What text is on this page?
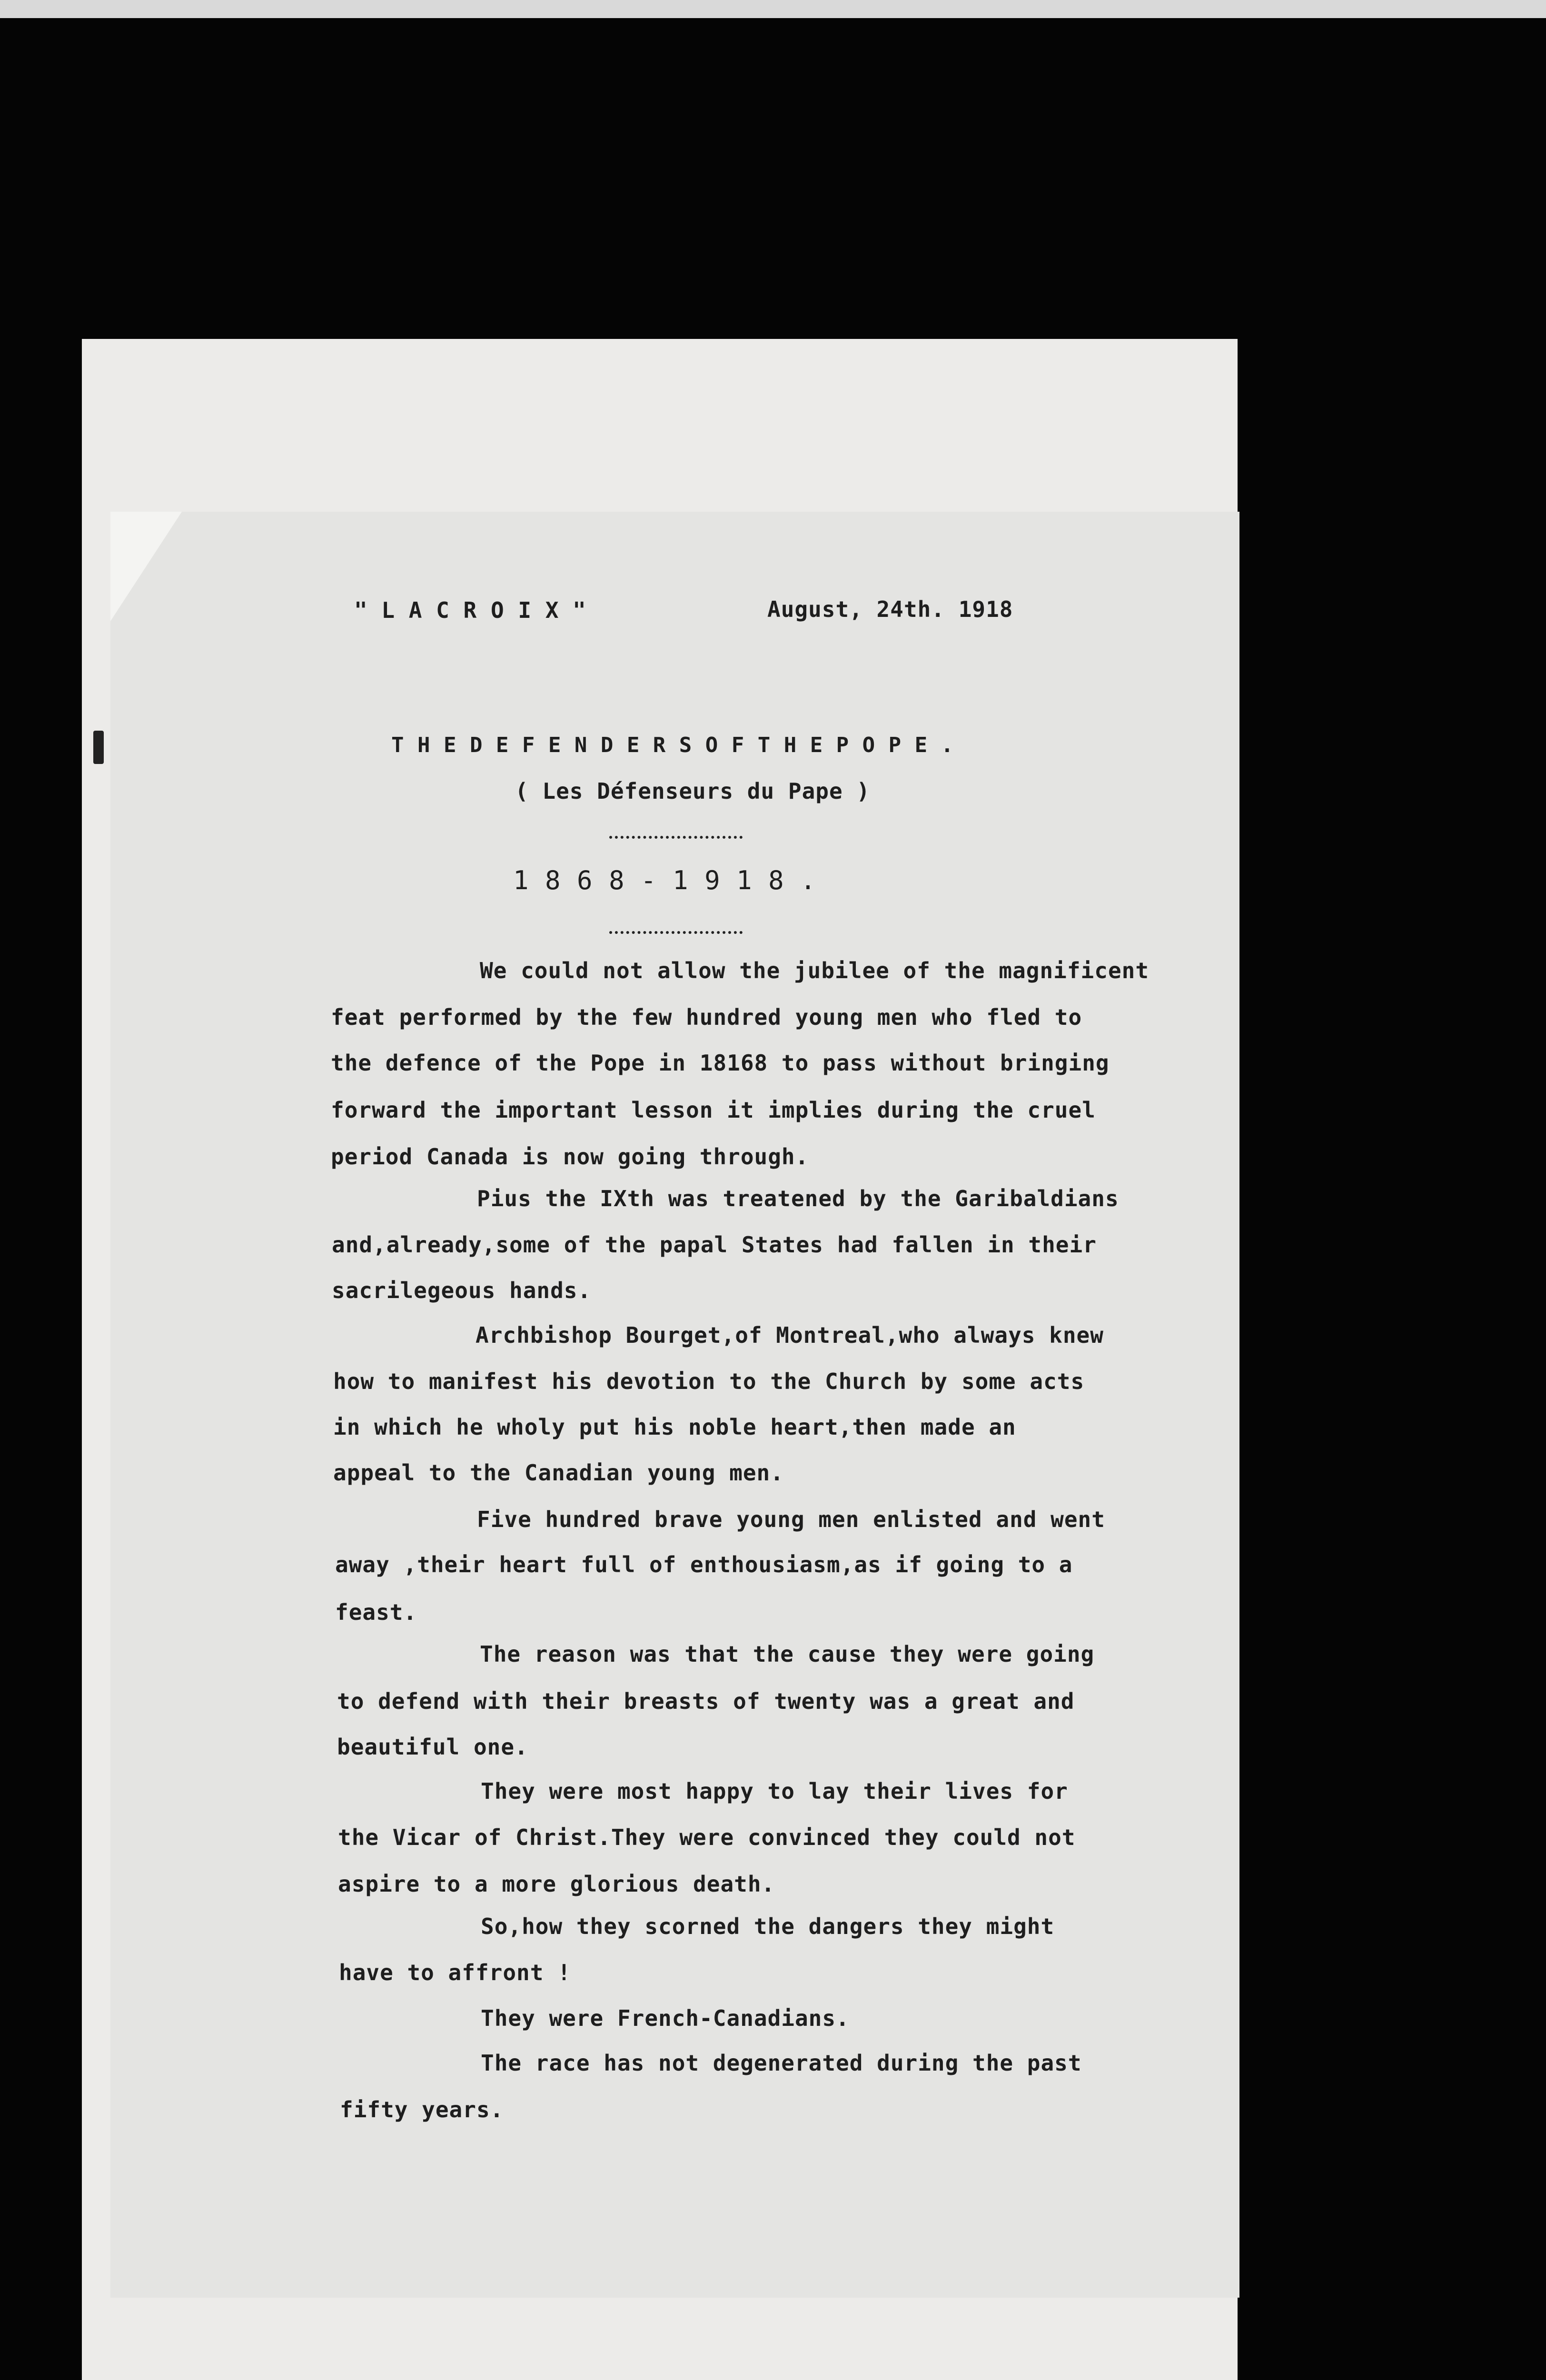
" L A C R O I X "	August, 24th. 1918
T H E D E F E N D E R S O F T H E P O P E .
( Les Défenseurs du Pape )
1 8 6 8 - 1 9 1 8 .
We could not allow the jubilee of the magnificent
feat performed by the few hundred young men who fled to
the defence of the Pope in 18168 to pass without bringing
forward the important lesson it implies during the cruel
period Canada is now going through.
Pius the IXth was treatened by the Garibaldians
and,already,some of the papal States had fallen in their
sacrilegeous hands.
Archbishop Bourget,of Montreal,who always knew
how to manifest his devotion to the Church by some acts
in which he wholy put his noble heart,then made an
appeal to the Canadian young men.
Five hundred brave young men enlisted and went
away ,their heart full of enthousiasm,as if going to a
feast.
The reason was that the cause they were going
to defend with their breasts of twenty was a great and
beautiful one.
They were most happy to lay their lives for
the Vicar of Christ.They were convinced they could not
aspire to a more glorious death.
So,how they scorned the dangers they might
have to affront !
They were French-Canadians.
The race has not degenerated during the past
fifty years.
